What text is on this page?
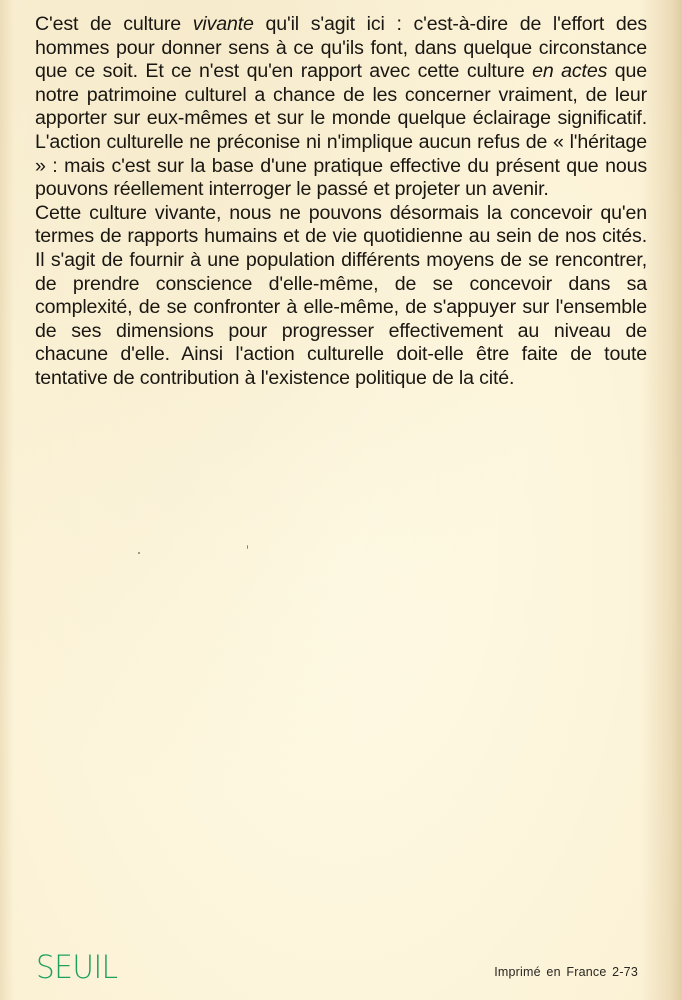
C'est de culture vivante qu'il s'agit ici : c'est-à-dire de l'effort des hommes pour donner sens à ce qu'ils font, dans quelque circonstance que ce soit. Et ce n'est qu'en rapport avec cette culture en actes que notre patrimoine culturel a chance de les concerner vraiment, de leur apporter sur eux-mêmes et sur le monde quelque éclairage significatif. L'action culturelle ne préconise ni n'implique aucun refus de « l'héritage » : mais c'est sur la base d'une pratique effective du présent que nous pouvons réellement interroger le passé et projeter un avenir.

Cette culture vivante, nous ne pouvons désormais la concevoir qu'en termes de rapports humains et de vie quotidienne au sein de nos cités. Il s'agit de fournir à une population différents moyens de se rencontrer, de prendre conscience d'elle-même, de se concevoir dans sa complexité, de se confronter à elle-même, de s'appuyer sur l'ensemble de ses dimensions pour progresser effectivement au niveau de chacune d'elle. Ainsi l'action culturelle doit-elle être faite de toute tentative de contribution à l'existence politique de la cité.

SEUIL	Imprimé en France 2-73
